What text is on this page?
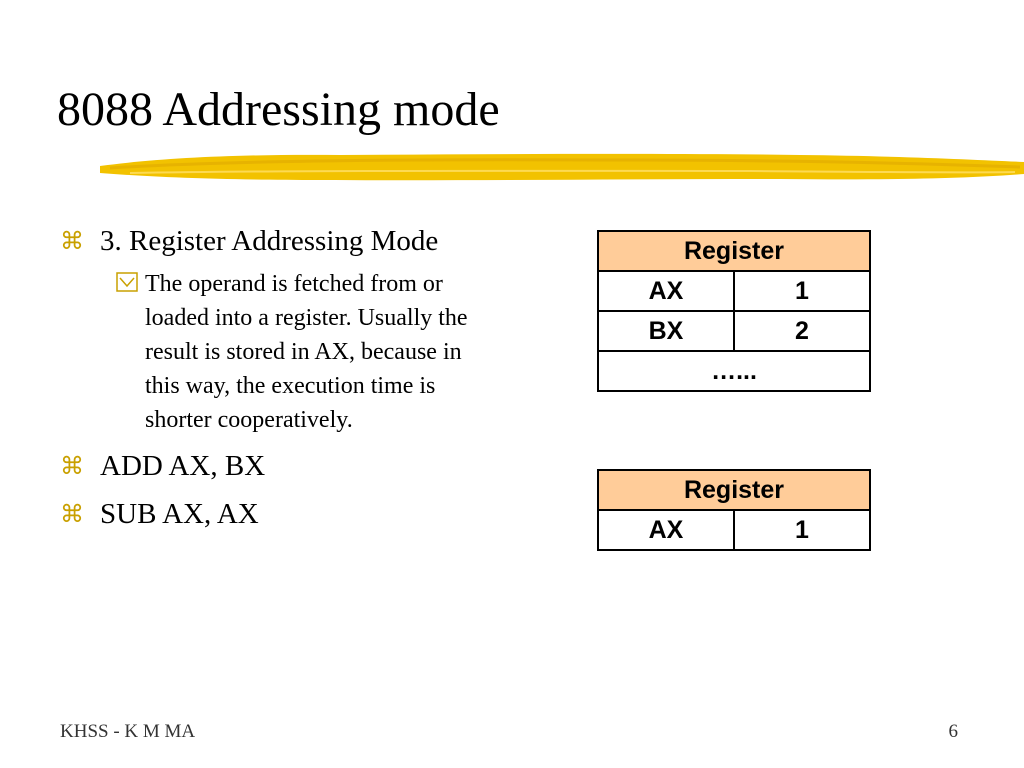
8088 Addressing mode
⌘ 3. Register Addressing Mode
The operand is fetched from or loaded into a register. Usually the result is stored in AX, because in this way, the execution time is shorter cooperatively.
⌘ ADD AX, BX
⌘ SUB AX, AX
Register	
AX	1
BX	2
…...	
Register
AX	1
KHSS - K M MA	6
